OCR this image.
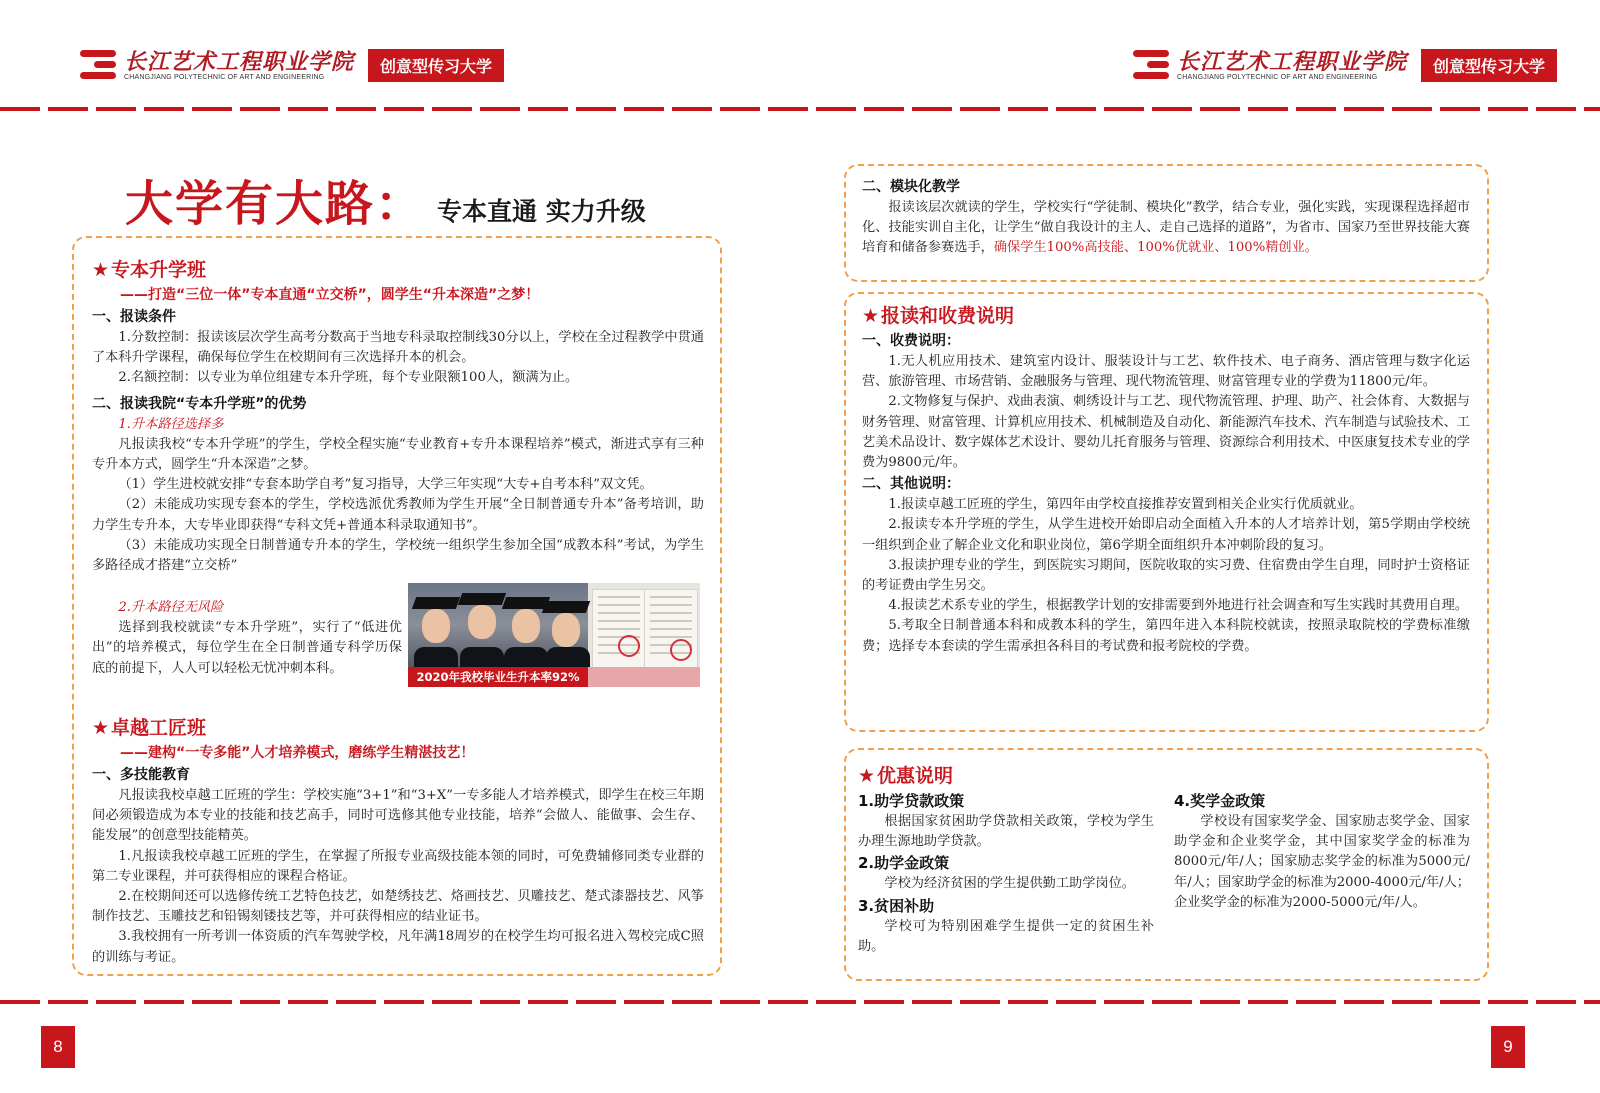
长江艺术工程职业学院
CHANGJIANG POLYTECHNIC OF ART AND ENGINEERING
创意型传习大学	长江艺术工程职业学院
CHANGJIANG POLYTECHNIC OF ART AND ENGINEERING
创意型传习大学
大学有大路： 专本直通 实力升级
★ 专本升学班
——打造“三位一体”专本直通“立交桥”，圆学生“升本深造”之梦！
一、报读条件

1.分数控制：报读该层次学生高考分数高于当地专科录取控制线30分以上，学校在全过程教学中贯通了本科升学课程，确保每位学生在校期间有三次选择升本的机会。

2.名额控制：以专业为单位组建专本升学班，每个专业限额100人，额满为止。

二、报读我院“专本升学班”的优势
1.升本路径选择多

凡报读我校“专本升学班”的学生，学校全程实施“专业教育+专升本课程培养”模式，渐进式享有三种专升本方式，圆学生“升本深造”之梦。

（1）学生进校就安排“专套本助学自考”复习指导，大学三年实现“大专+自考本科”双文凭。

（2）未能成功实现专套本的学生，学校选派优秀教师为学生开展“全日制普通专升本”备考培训，助力学生专升本，大专毕业即获得“专科文凭+普通本科录取通知书”。

（3）未能成功实现全日制普通专升本的学生，学校统一组织学生参加全国“成教本科”考试，为学生多路径成才搭建“立交桥”

2.升本路径无风险

选择到我校就读“专本升学班”，实行了“低进优出”的培养模式，每位学生在全日制普通专科学历保底的前提下，人人可以轻松无忧冲刺本科。

2020年我校毕业生升本率92%
★ 卓越工匠班
——建构“一专多能”人才培养模式，磨练学生精湛技艺！
一、多技能教育

凡报读我校卓越工匠班的学生：学校实施“3+1”和“3+X”一专多能人才培养模式，即学生在校三年期间必须锻造成为本专业的技能和技艺高手，同时可选修其他专业技能，培养“会做人、能做事、会生存、能发展”的创意型技能精英。

1.凡报读我校卓越工匠班的学生，在掌握了所报专业高级技能本领的同时，可免费辅修同类专业群的第二专业课程，并可获得相应的课程合格证。

2.在校期间还可以选修传统工艺特色技艺，如楚绣技艺、烙画技艺、贝雕技艺、楚式漆器技艺、风筝制作技艺、玉雕技艺和铅锡刻镂技艺等，并可获得相应的结业证书。

3.我校拥有一所考训一体资质的汽车驾驶学校，凡年满18周岁的在校学生均可报名进入驾校完成C照的训练与考证。

二、模块化教学

报读该层次就读的学生，学校实行“学徒制、模块化”教学，结合专业，强化实践，实现课程选择超市化、技能实训自主化，让学生“做自我设计的主人、走自己选择的道路”，为省市、国家乃至世界技能大赛培育和储备参赛选手，确保学生100%高技能、100%优就业、100%精创业。

★ 报读和收费说明
一、收费说明：

1.无人机应用技术、建筑室内设计、服装设计与工艺、软件技术、电子商务、酒店管理与数字化运营、旅游管理、市场营销、金融服务与管理、现代物流管理、财富管理专业的学费为11800元/年。

2.文物修复与保护、戏曲表演、刺绣设计与工艺、现代物流管理、护理、助产、社会体育、大数据与财务管理、财富管理、计算机应用技术、机械制造及自动化、新能源汽车技术、汽车制造与试验技术、工艺美术品设计、数字媒体艺术设计、婴幼儿托育服务与管理、资源综合利用技术、中医康复技术专业的学费为9800元/年。

二、其他说明：

1.报读卓越工匠班的学生，第四年由学校直接推荐安置到相关企业实行优质就业。

2.报读专本升学班的学生，从学生进校开始即启动全面植入升本的人才培养计划，第5学期由学校统一组织到企业了解企业文化和职业岗位，第6学期全面组织升本冲刺阶段的复习。

3.报读护理专业的学生，到医院实习期间，医院收取的实习费、住宿费由学生自理，同时护士资格证的考证费由学生另交。

4.报读艺术系专业的学生，根据教学计划的安排需要到外地进行社会调查和写生实践时其费用自理。

5.考取全日制普通本科和成教本科的学生，第四年进入本科院校就读，按照录取院校的学费标准缴费；选择专本套读的学生需承担各科目的考试费和报考院校的学费。

★ 优惠说明
1.助学贷款政策

根据国家贫困助学贷款相关政策，学校为学生办理生源地助学贷款。

2.助学金政策

学校为经济贫困的学生提供勤工助学岗位。

3.贫困补助

学校可为特别困难学生提供一定的贫困生补助。

4.奖学金政策

学校设有国家奖学金、国家励志奖学金、国家助学金和企业奖学金，其中国家奖学金的标准为8000元/年/人；国家励志奖学金的标准为5000元/年/人；国家助学金的标准为2000-4000元/年/人；企业奖学金的标准为2000-5000元/年/人。

8	9
